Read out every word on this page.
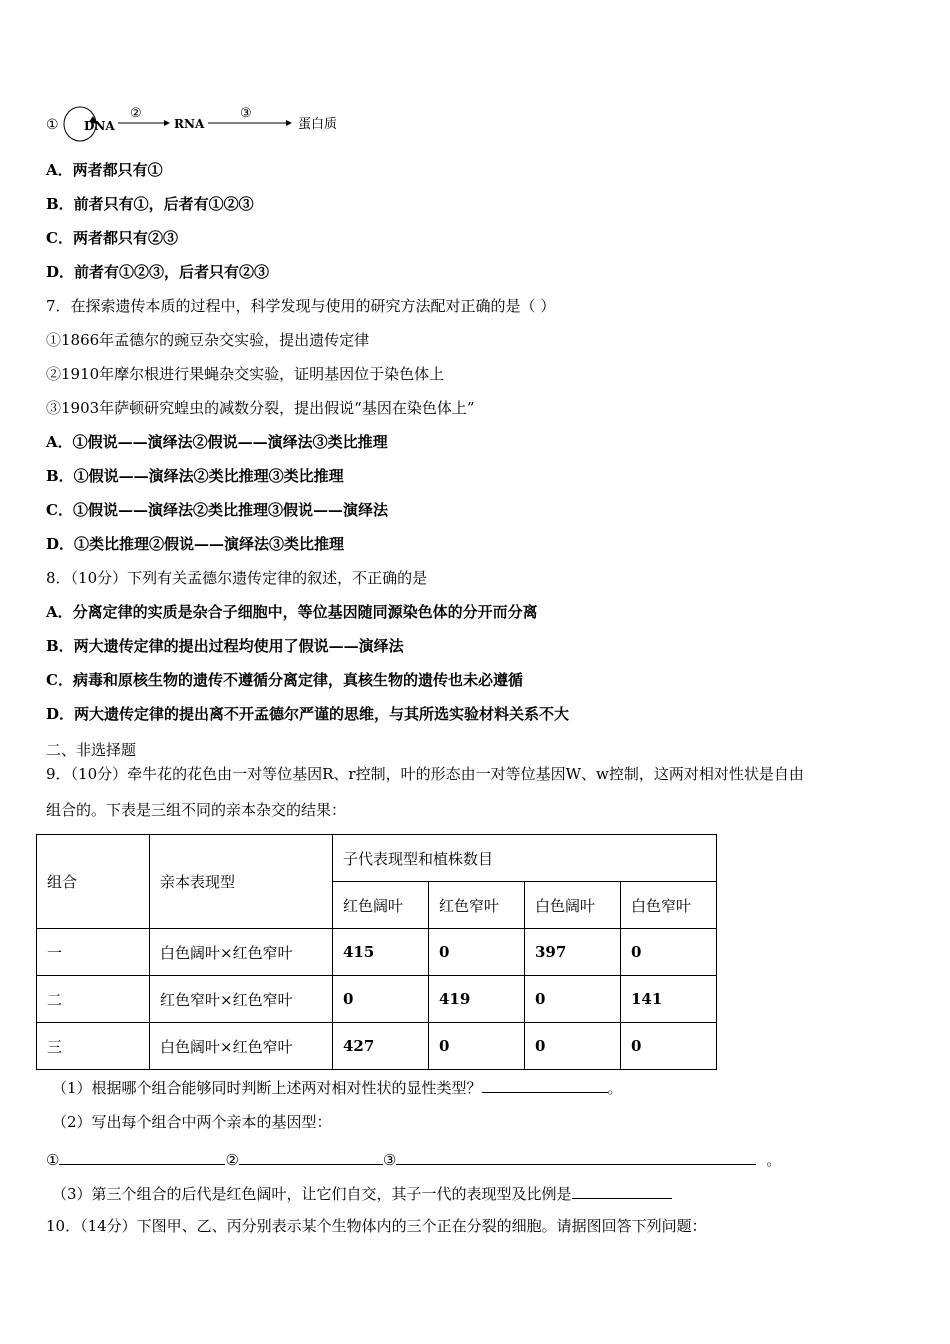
① DNA
②
RNA
③
蛋白质
A．两者都只有①
B．前者只有①，后者有①②③
C．两者都只有②③
D．前者有①②③，后者只有②③
7．在探索遗传本质的过程中，科学发现与使用的研究方法配对正确的是（ ）
①1866年孟德尔的豌豆杂交实验，提出遗传定律
②1910年摩尔根进行果蝇杂交实验，证明基因位于染色体上
③1903年萨顿研究蝗虫的减数分裂，提出假说“基因在染色体上”
A．①假说——演绎法②假说——演绎法③类比推理
B．①假说——演绎法②类比推理③类比推理
C．①假说——演绎法②类比推理③假说——演绎法
D．①类比推理②假说——演绎法③类比推理
8．（10分）下列有关孟德尔遗传定律的叙述，不正确的是
A．分离定律的实质是杂合子细胞中，等位基因随同源染色体的分开而分离
B．两大遗传定律的提出过程均使用了假说——演绎法
C．病毒和原核生物的遗传不遵循分离定律，真核生物的遗传也未必遵循
D．两大遗传定律的提出离不开孟德尔严谨的思维，与其所选实验材料关系不大
二、非选择题
9．（10分）牵牛花的花色由一对等位基因R、r控制，叶的形态由一对等位基因W、w控制，这两对相对性状是自由
组合的。下表是三组不同的亲本杂交的结果：
组合	亲本表现型	子代表现型和植株数目			
		红色阔叶	红色窄叶	白色阔叶	白色窄叶
一	白色阔叶×红色窄叶	415	0	397	0
二	红色窄叶×红色窄叶	0	419	0	141
三	白色阔叶×红色窄叶	427	0	0	0
（1）根据哪个组合能够同时判断上述两对相对性状的显性类型？	。
（2）写出每个组合中两个亲本的基因型：
①	②	③	。
（3）第三个组合的后代是红色阔叶，让它们自交，其子一代的表现型及比例是
10．（14分）下图甲、乙、丙分别表示某个生物体内的三个正在分裂的细胞。请据图回答下列问题：
